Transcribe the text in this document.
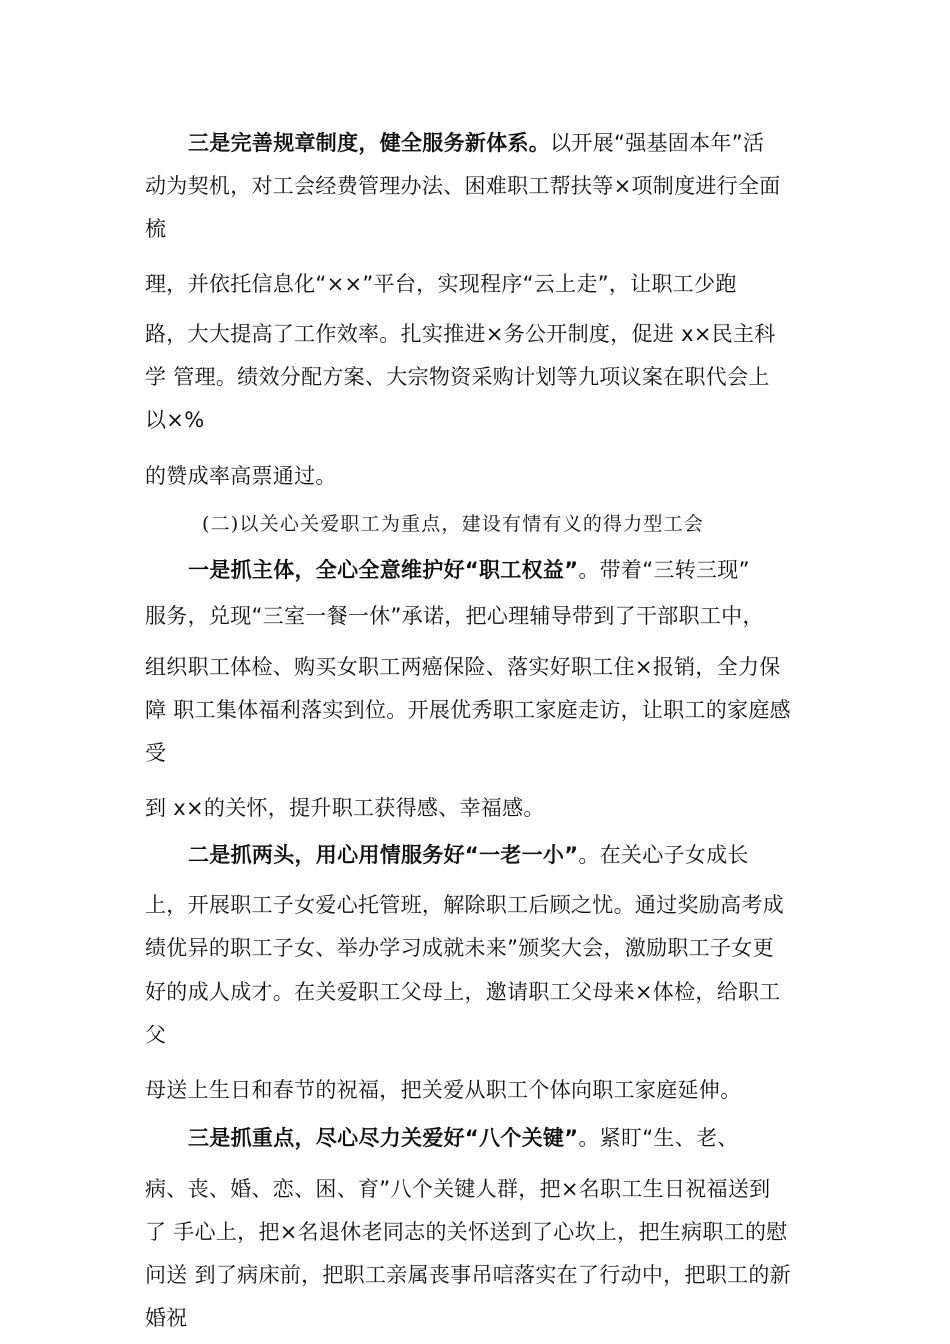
三是完善规章制度，健全服务新体系。以开展“强基固本年”活
动为契机，对工会经费管理办法、困难职工帮扶等×项制度进行全面
梳
理，并依托信息化“××”平台，实现程序“云上走”，让职工少跑
路，大大提高了工作效率。扎实推进×务公开制度，促进 x×民主科
学 管理。绩效分配方案、大宗物资采购计划等九项议案在职代会上
以×%
的赞成率高票通过。
(二)以关心关爱职工为重点，建设有情有义的得力型工会
一是抓主体，全心全意维护好“职工权益”。带着“三转三现”
服务，兑现“三室一餐一休”承诺，把心理辅导带到了干部职工中，
组织职工体检、购买女职工两癌保险、落实好职工住×报销，全力保
障 职工集体福利落实到位。开展优秀职工家庭走访，让职工的家庭感
受
到 x×的关怀，提升职工获得感、幸福感。
二是抓两头，用心用情服务好“一老一小”。在关心子女成长
上，开展职工子女爱心托管班，解除职工后顾之忧。通过奖励高考成
绩优异的职工子女、举办学习成就未来”颁奖大会，激励职工子女更
好的成人成才。在关爱职工父母上，邀请职工父母来×体检，给职工
父
母送上生日和春节的祝福，把关爱从职工个体向职工家庭延伸。
三是抓重点，尽心尽力关爱好“八个关键”。紧盯“生、老、
病、丧、婚、恋、困、育”八个关键人群，把×名职工生日祝福送到
了 手心上，把×名退休老同志的关怀送到了心坎上，把生病职工的慰
问送 到了病床前，把职工亲属丧事吊唁落实在了行动中，把职工的新
婚祝
